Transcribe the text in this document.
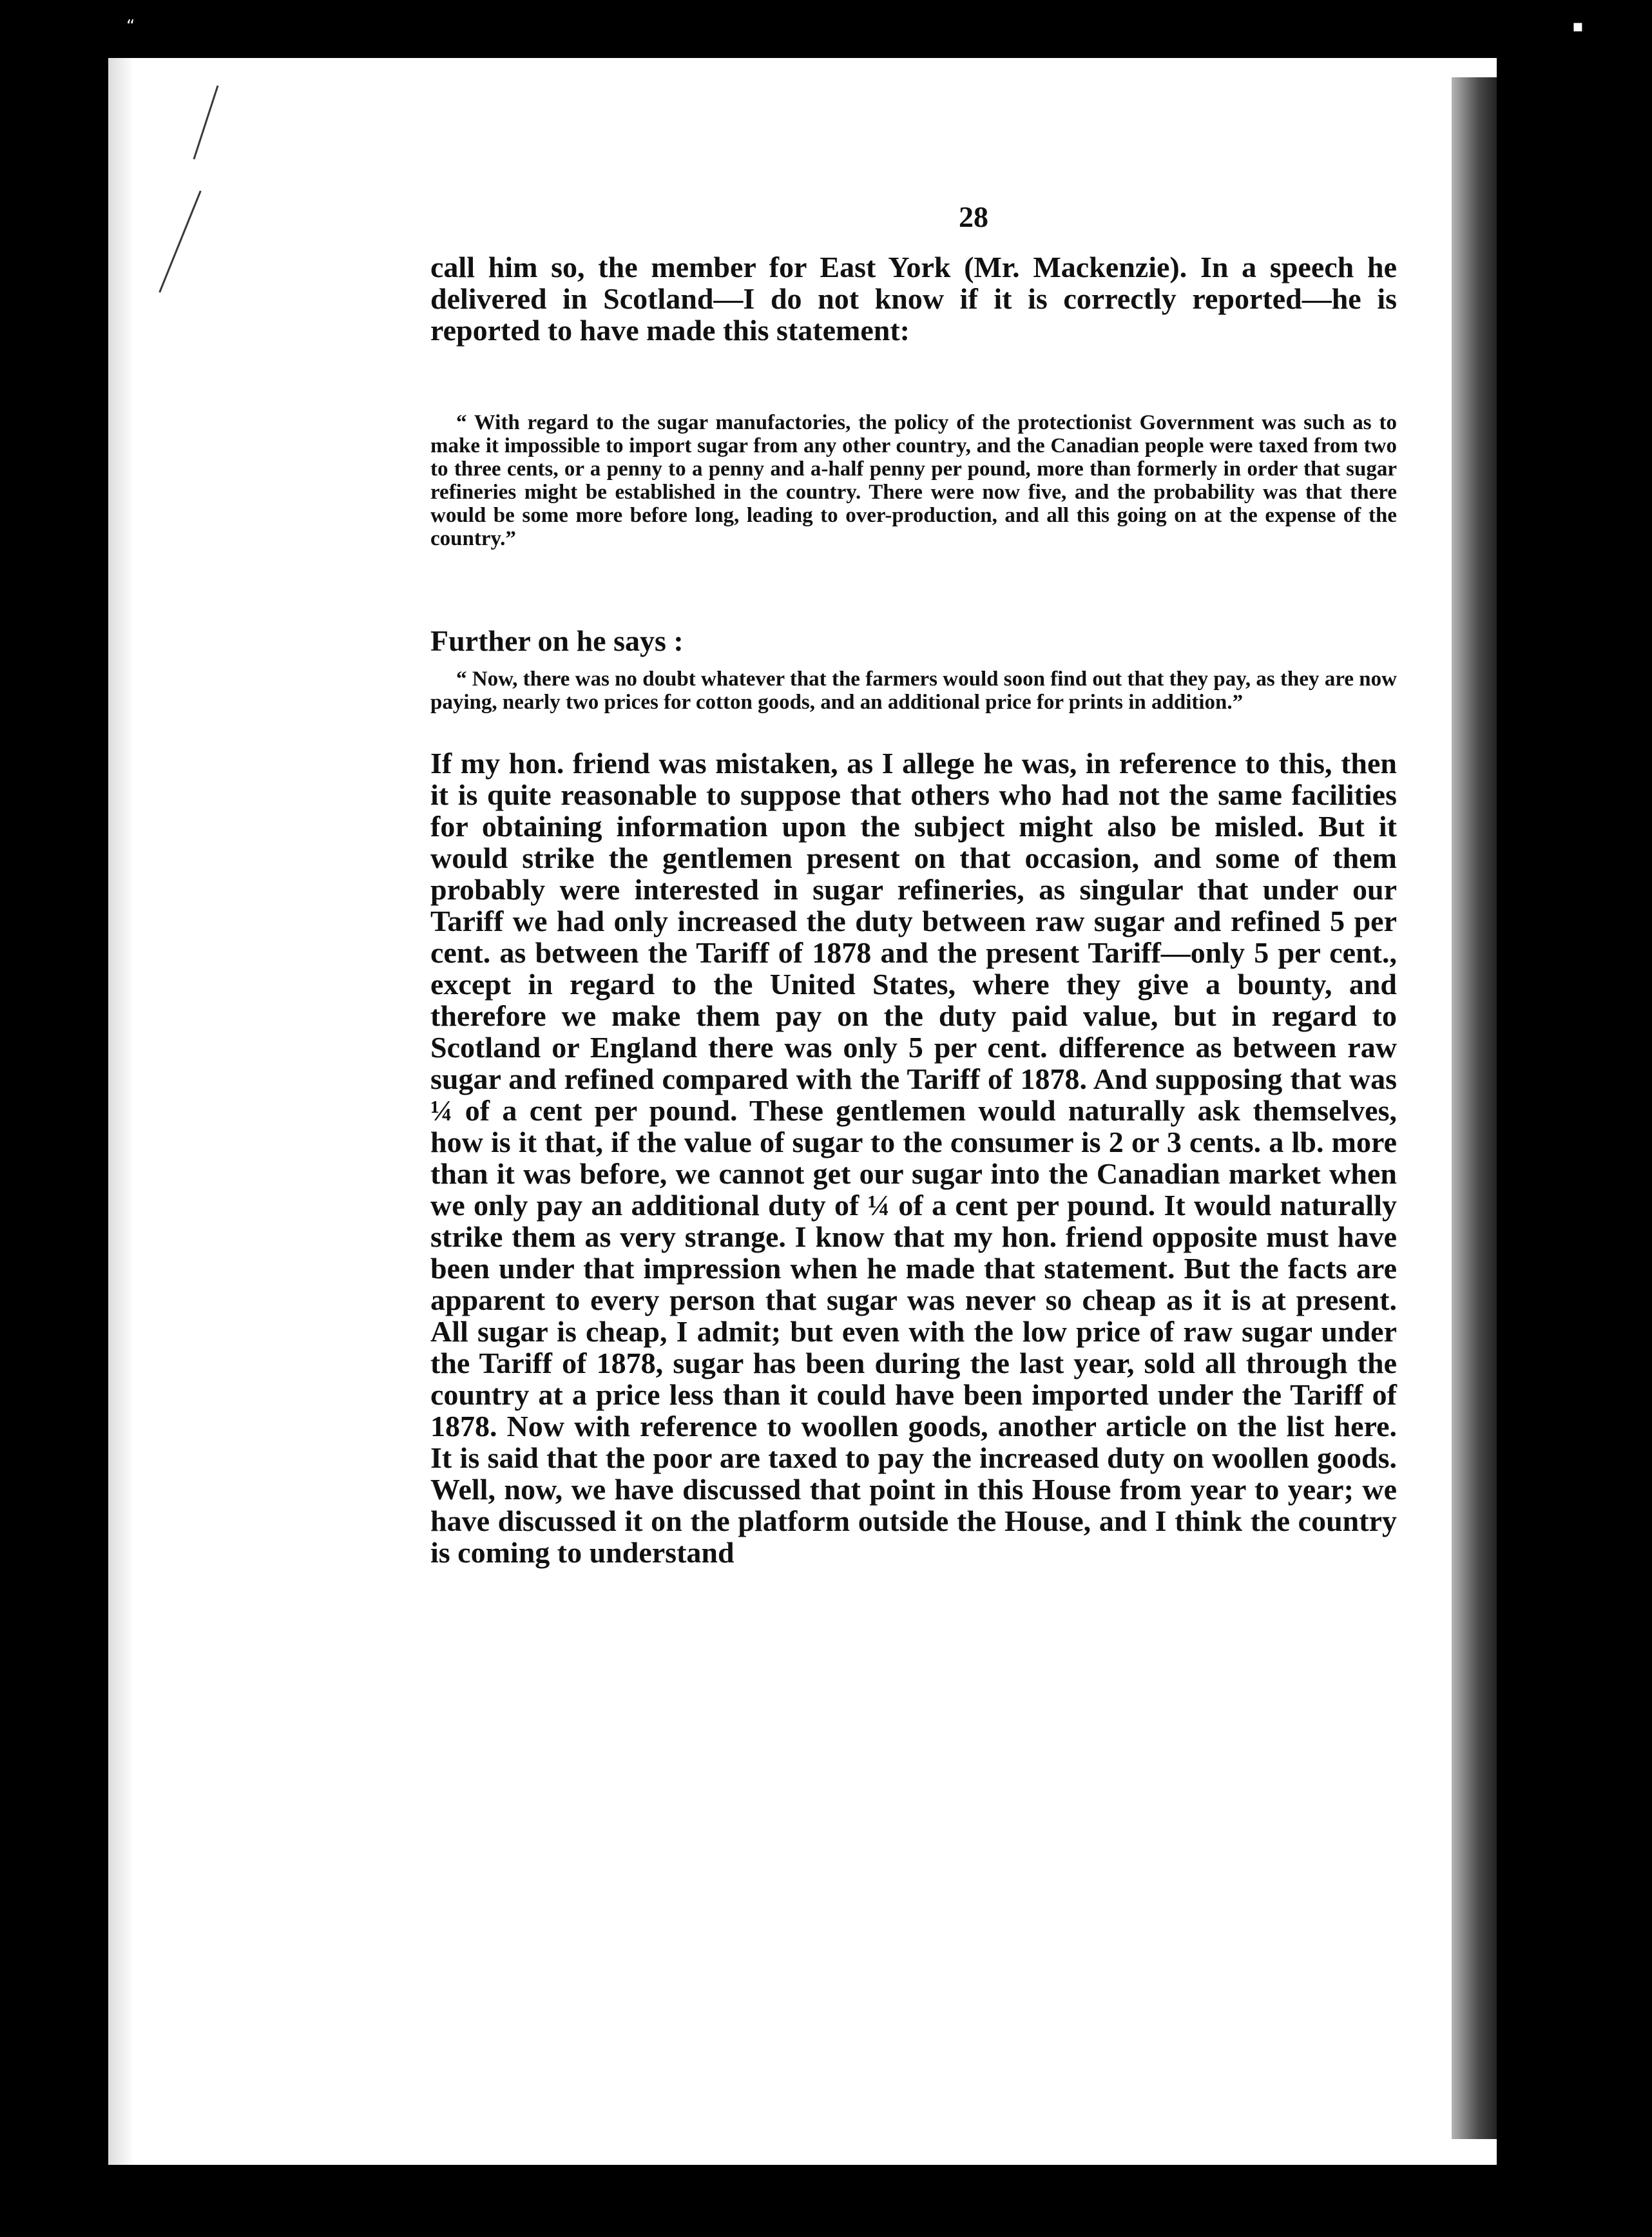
“	▪
28

call him so, the member for East York (Mr. Mackenzie). In a speech he delivered in Scotland—I do not know if it is correctly reported—he is reported to have made this statement:

“ With regard to the sugar manufactories, the policy of the protectionist Government was such as to make it impossible to import sugar from any other country, and the Canadian people were taxed from two to three cents, or a penny to a penny and a-half penny per pound, more than formerly in order that sugar refineries might be established in the country. There were now five, and the probability was that there would be some more before long, leading to over-production, and all this going on at the expense of the country.”

Further on he says :

“ Now, there was no doubt whatever that the farmers would soon find out that they pay, as they are now paying, nearly two prices for cotton goods, and an additional price for prints in addition.”

If my hon. friend was mistaken, as I allege he was, in reference to this, then it is quite reasonable to suppose that others who had not the same facilities for obtaining information upon the subject might also be misled. But it would strike the gentlemen present on that occasion, and some of them probably were interested in sugar refineries, as singular that under our Tariff we had only increased the duty between raw sugar and refined 5 per cent. as between the Tariff of 1878 and the present Tariff—only 5 per cent., except in regard to the United States, where they give a bounty, and therefore we make them pay on the duty paid value, but in regard to Scotland or England there was only 5 per cent. difference as between raw sugar and refined compared with the Tariff of 1878. And supposing that was ¼ of a cent per pound. These gentlemen would naturally ask themselves, how is it that, if the value of sugar to the consumer is 2 or 3 cents. a lb. more than it was before, we cannot get our sugar into the Canadian market when we only pay an additional duty of ¼ of a cent per pound. It would naturally strike them as very strange. I know that my hon. friend opposite must have been under that impression when he made that statement. But the facts are apparent to every person that sugar was never so cheap as it is at present. All sugar is cheap, I admit; but even with the low price of raw sugar under the Tariff of 1878, sugar has been during the last year, sold all through the country at a price less than it could have been imported under the Tariff of 1878. Now with reference to woollen goods, another article on the list here. It is said that the poor are taxed to pay the increased duty on woollen goods. Well, now, we have discussed that point in this House from year to year; we have discussed it on the platform outside the House, and I think the country is coming to understand
